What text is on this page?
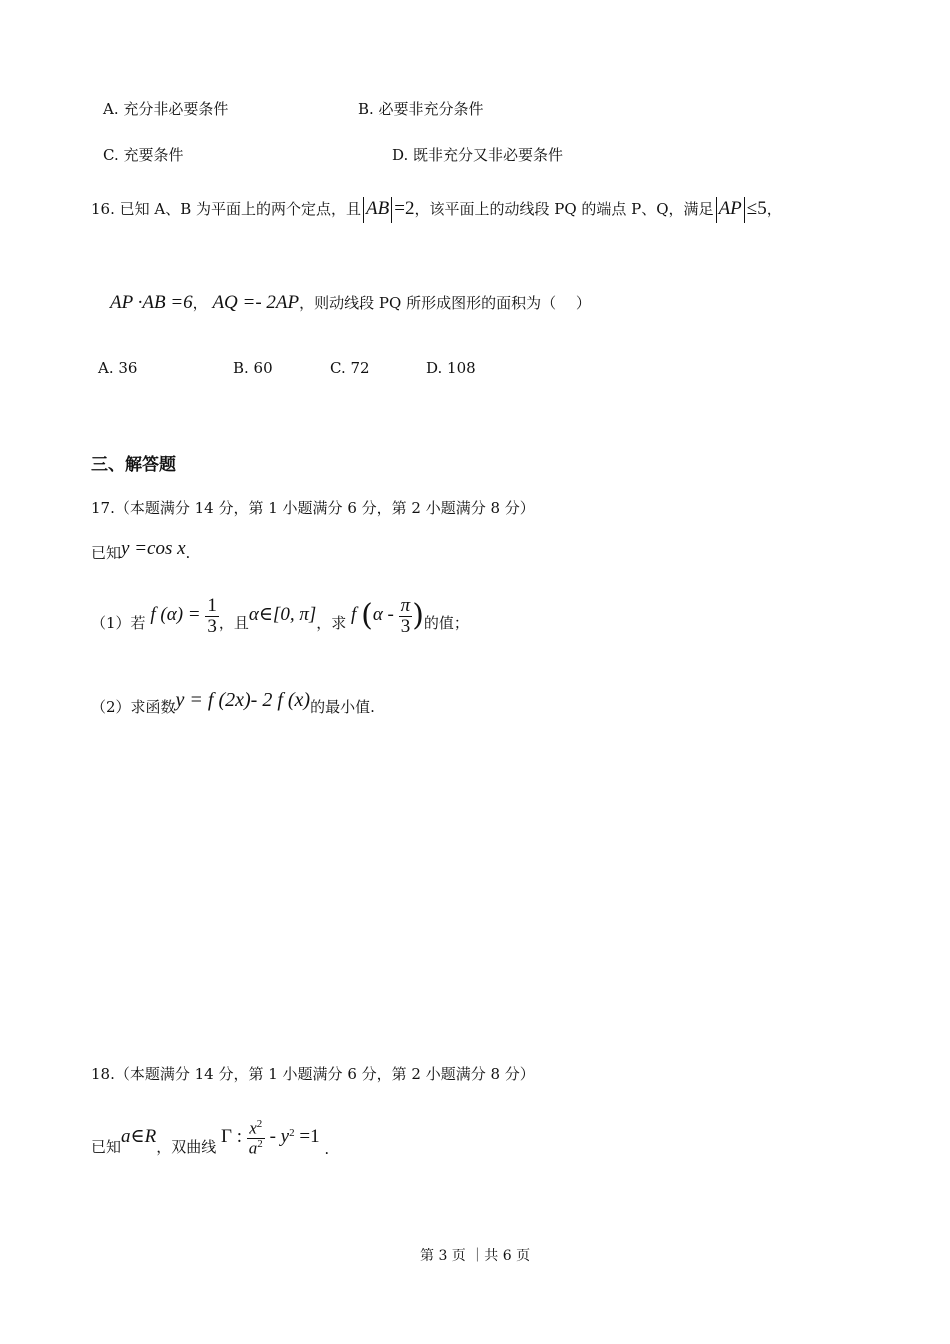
A. 充分非必要条件	B. 必要非充分条件
C. 充要条件	D. 既非充分又非必要条件
16. 已知 A、B 为平面上的两个定点，且 AB =2，该平面上的动线段 PQ 的端点 P、Q，满足 AP ≤5，
AP ·AB =6， AQ =- 2AP，则动线段 PQ 所形成图形的面积为（　 ）
A. 36	B. 60	C. 72	D. 108
三、解答题
17.（本题满分 14 分，第 1 小题满分 6 分，第 2 小题满分 8 分）
已知y =cos x.
（1）若 f $(\alpha) = \frac{1}{3}$ ，且α∈[0, π]，求 f ($\alpha - \frac{\pi}{3}$ )的值；
（2）求函数y = f (2x)- 2 f (x)的最小值.
18.（本题满分 14 分，第 1 小题满分 6 分，第 2 小题满分 8 分）
已知a∈R，双曲线 Γ : $\frac{x^2}{a^2} - y^2 =1$ .
第 3 页 ｜共 6 页
